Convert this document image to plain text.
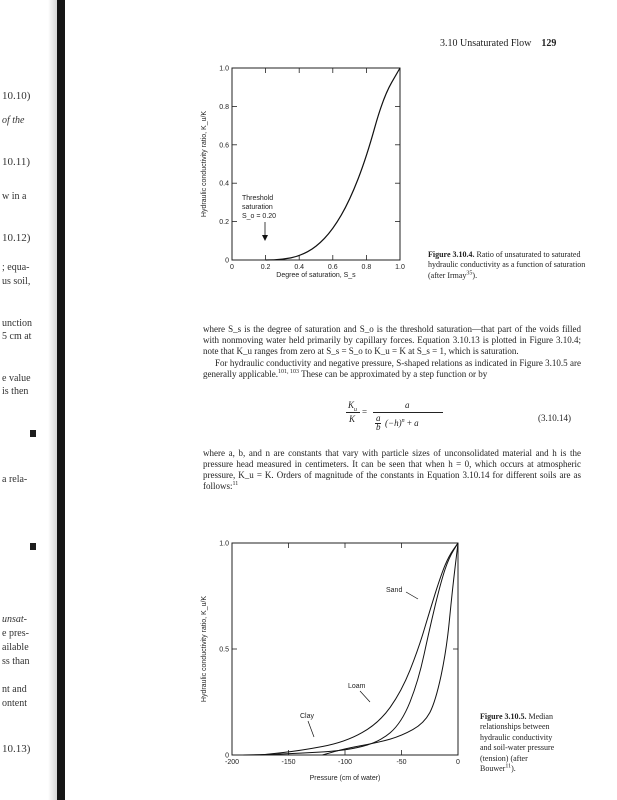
10.10)
of the
10.11)
w in a
10.12)
; equa-
us soil,
unction
5 cm at
e value
is then
a rela-
unsat-
e pres-
ailable
ss than
nt and
ontent
10.13)
3.10 Unsaturated Flow 129
0	0.2	0.4	0.6	0.8	1.0
0
0.2
0.4
0.6
0.8
1.0
Threshold
saturation
S_o = 0.20
Degree of saturation, S_s
Hydraulic conductivity ratio, K_u/K
Figure 3.10.4. Ratio of unsaturated to saturated hydraulic conductivity as a function of saturation (after Irmay$^{35}$).
where S_s is the degree of saturation and S_o is the threshold saturation—that part of the voids filled with nonmoving water held primarily by capillary forces. Equation 3.10.13 is plotted in Figure 3.10.4; note that K_u ranges from zero at S_s = S_o to K_u = K at S_s = 1, which is saturation.
For hydraulic conductivity and negative pressure, S-shaped relations as indicated in Figure 3.10.5 are generally applicable.$^{101, 103}$ These can be approximated by a step function or by
$K_u$
K
=
a
a
b $(-h)^n + a$	(3.10.14)
where a, b, and n are constants that vary with particle sizes of unconsolidated material and h is the pressure head measured in centimeters. It can be seen that when h = 0, which occurs at atmospheric pressure, K_u = K. Orders of magnitude of the constants in Equation 3.10.14 for different soils are as follows:$^{11}$
-200	-150	-100	-50	0
0
0.5
1.0
Sand
Loam
Clay
Pressure (cm of water)
Hydraulic conductivity ratio, K_u/K
Figure 3.10.5. Median
relationships between
hydraulic conductivity
and soil-water pressure
(tension) (after
Bouwer$^{11}$).
